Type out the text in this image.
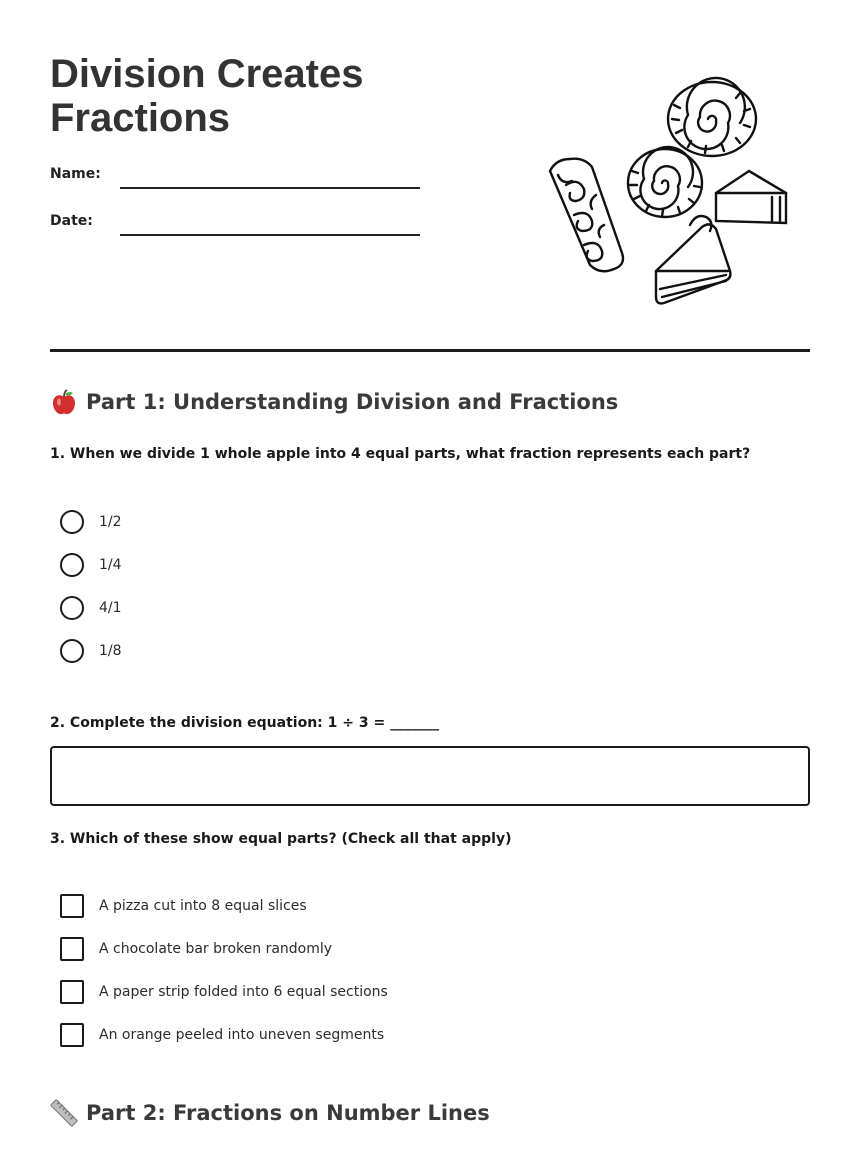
Division Creates Fractions
Name:
Date:
Part 1: Understanding Division and Fractions
1. When we divide 1 whole apple into 4 equal parts, what fraction represents each part?
1/2
1/4
4/1
1/8
2. Complete the division equation: 1 ÷ 3 = _______
3. Which of these show equal parts? (Check all that apply)
A pizza cut into 8 equal slices
A chocolate bar broken randomly
A paper strip folded into 6 equal sections
An orange peeled into uneven segments
Part 2: Fractions on Number Lines
